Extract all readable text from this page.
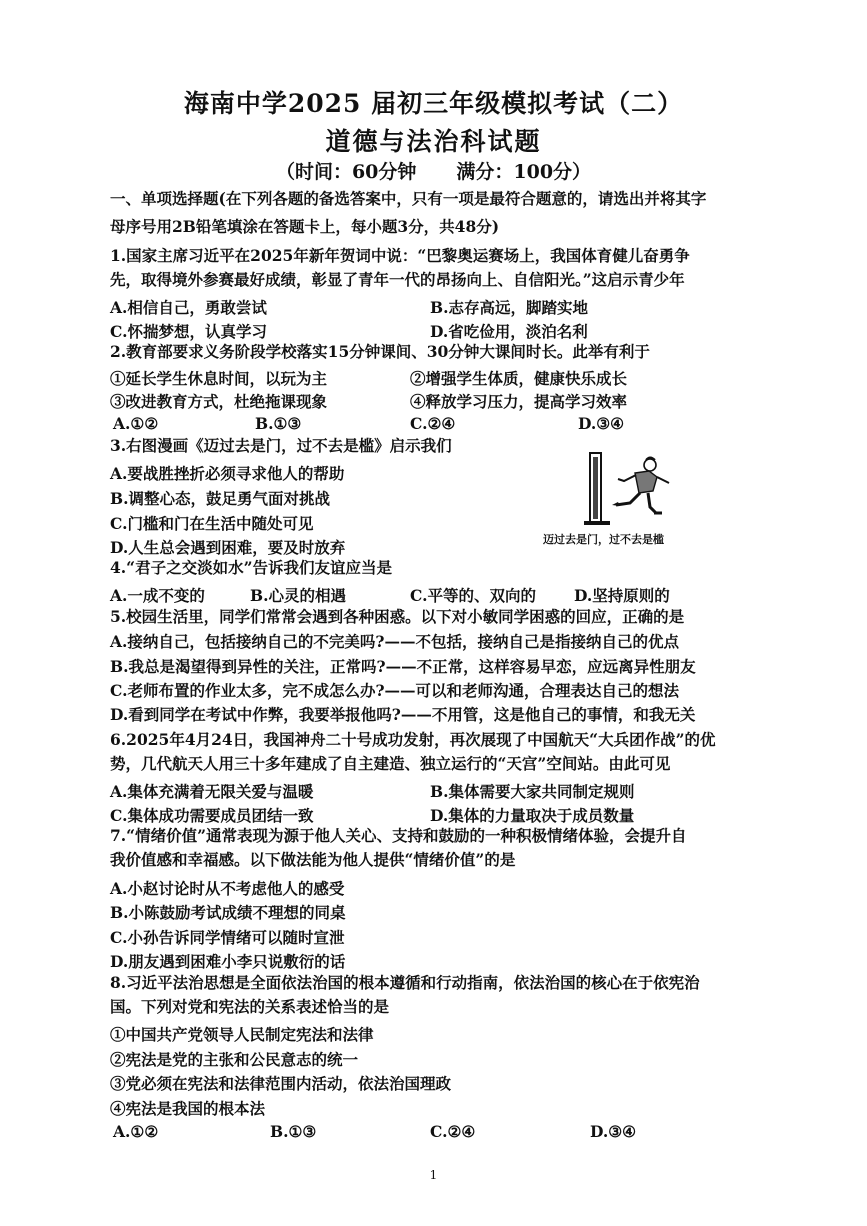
海南中学2025 届初三年级模拟考试（二）
道德与法治科试题
（时间：60分钟 满分：100分）
一、单项选择题(在下列各题的备选答案中，只有一项是最符合题意的，请选出并将其字
母序号用2B铅笔填涂在答题卡上，每小题3分，共48分)
1.国家主席习近平在2025年新年贺词中说：“巴黎奥运赛场上，我国体育健儿奋勇争
先，取得境外参赛最好成绩，彰显了青年一代的昂扬向上、自信阳光。”这启示青少年
A.相信自己，勇敢尝试	B.志存高远，脚踏实地
C.怀揣梦想，认真学习	D.省吃俭用，淡泊名利
2.教育部要求义务阶段学校落实15分钟课间、30分钟大课间时长。此举有利于
①延长学生休息时间，以玩为主	②增强学生体质，健康快乐成长
③改进教育方式，杜绝拖课现象	④释放学习压力，提高学习效率
A.①②	B.①③	C.②④	D.③④
3.右图漫画《迈过去是门，过不去是槛》启示我们
A.要战胜挫折必须寻求他人的帮助
B.调整心态，鼓足勇气面对挑战
C.门槛和门在生活中随处可见
D.人生总会遇到困难，要及时放弃	迈过去是门，过不去是槛
4.“君子之交淡如水”告诉我们友谊应当是
A.一成不变的	B.心灵的相遇	C.平等的、双向的 D.坚持原则的
5.校园生活里，同学们常常会遇到各种困惑。以下对小敏同学困惑的回应，正确的是
A.接纳自己，包括接纳自己的不完美吗?——不包括，接纳自己是指接纳自己的优点
B.我总是渴望得到异性的关注，正常吗?——不正常，这样容易早恋，应远离异性朋友
C.老师布置的作业太多，完不成怎么办?——可以和老师沟通，合理表达自己的想法
D.看到同学在考试中作弊，我要举报他吗?——不用管，这是他自己的事情，和我无关
6.2025年4月24日，我国神舟二十号成功发射，再次展现了中国航天“大兵团作战”的优
势，几代航天人用三十多年建成了自主建造、独立运行的“天宫”空间站。由此可见
A.集体充满着无限关爱与温暖	B.集体需要大家共同制定规则
C.集体成功需要成员团结一致	D.集体的力量取决于成员数量
7.“情绪价值”通常表现为源于他人关心、支持和鼓励的一种积极情绪体验，会提升自
我价值感和幸福感。以下做法能为他人提供“情绪价值”的是
A.小赵讨论时从不考虑他人的感受
B.小陈鼓励考试成绩不理想的同桌
C.小孙告诉同学情绪可以随时宣泄
D.朋友遇到困难小李只说敷衍的话
8.习近平法治思想是全面依法治国的根本遵循和行动指南，依法治国的核心在于依宪治
国。下列对党和宪法的关系表述恰当的是
①中国共产党领导人民制定宪法和法律
②宪法是党的主张和公民意志的统一
③党必须在宪法和法律范围内活动，依法治国理政
④宪法是我国的根本法
A.①②	B.①③	C.②④	D.③④
1
